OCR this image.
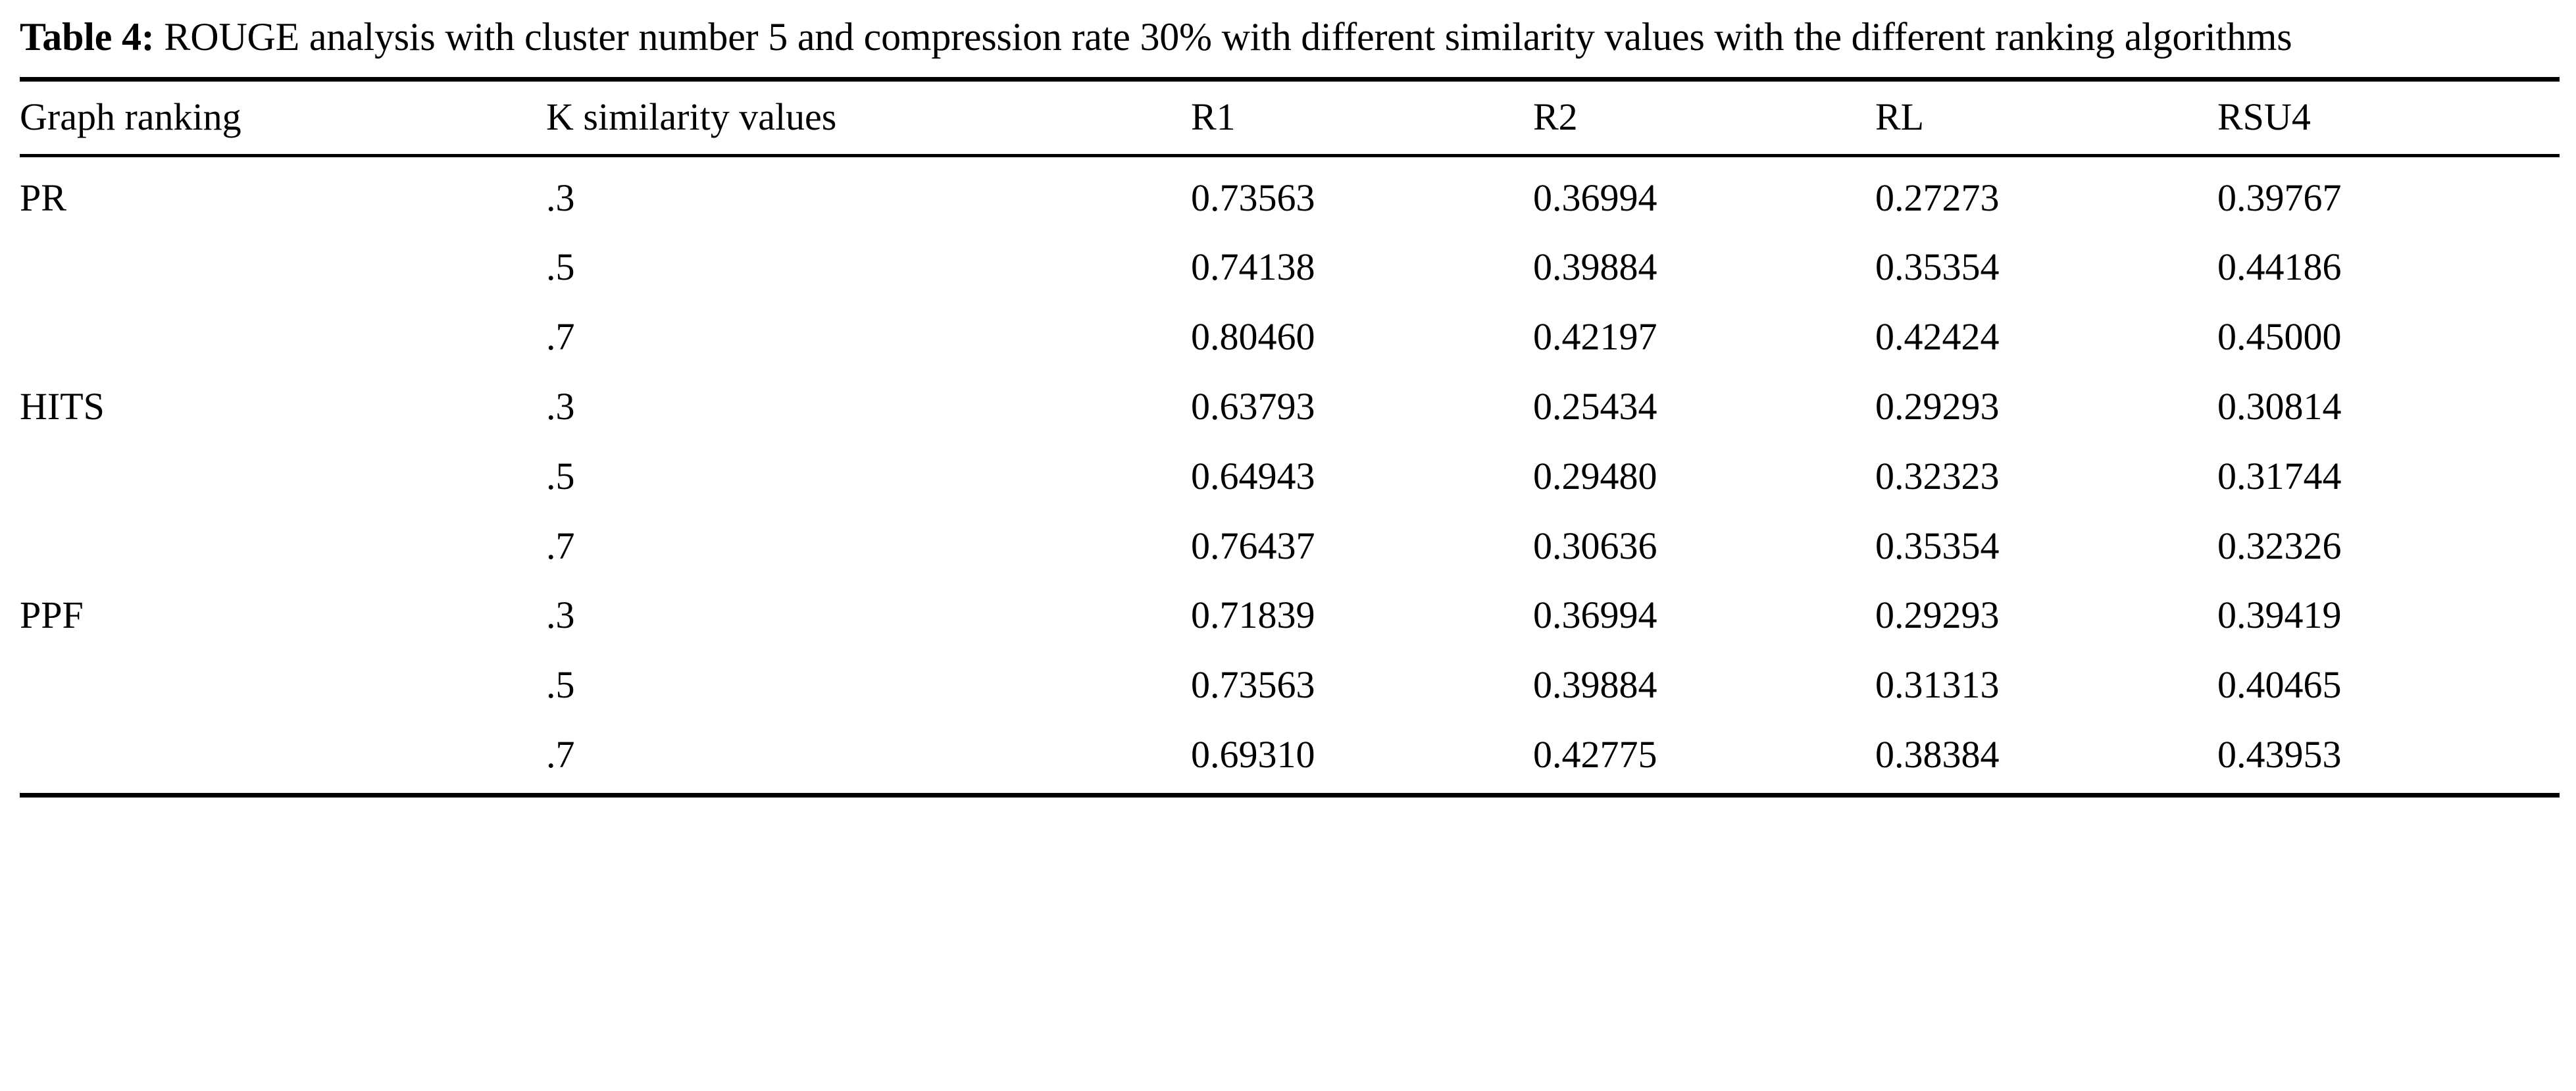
Table 4: ROUGE analysis with cluster number 5 and compression rate 30% with different similarity values with the different ranking algorithms

Graph ranking	K similarity values	R1	R2	RL	RSU4
PR	.3	0.73563	0.36994	0.27273	0.39767
	.5	0.74138	0.39884	0.35354	0.44186
	.7	0.80460	0.42197	0.42424	0.45000
HITS	.3	0.63793	0.25434	0.29293	0.30814
	.5	0.64943	0.29480	0.32323	0.31744
	.7	0.76437	0.30636	0.35354	0.32326
PPF	.3	0.71839	0.36994	0.29293	0.39419
	.5	0.73563	0.39884	0.31313	0.40465
	.7	0.69310	0.42775	0.38384	0.43953
